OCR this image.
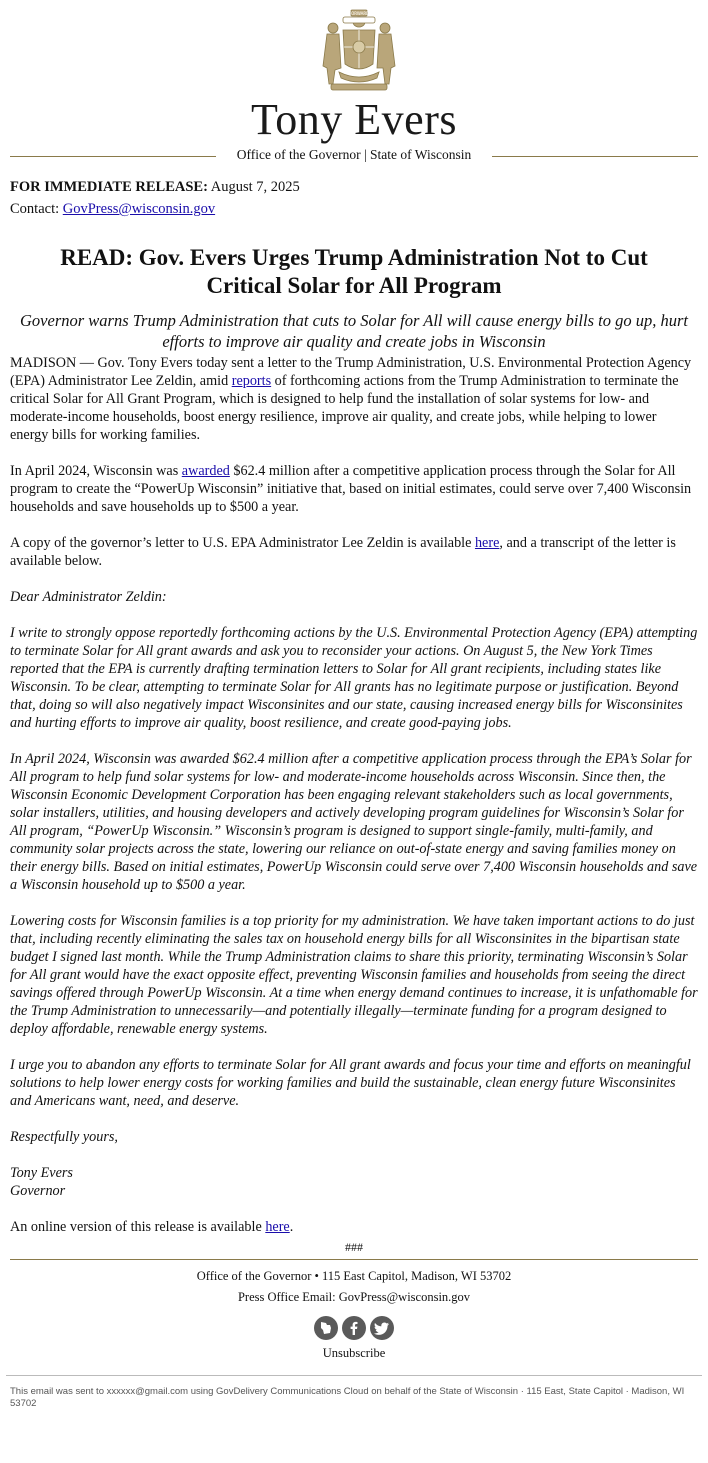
FORWARD
Tony Evers
Office of the Governor | State of Wisconsin
FOR IMMEDIATE RELEASE: August 7, 2025
Contact: GovPress@wisconsin.gov
READ: Gov. Evers Urges Trump Administration Not to Cut Critical Solar for All Program
Governor warns Trump Administration that cuts to Solar for All will cause energy bills to go up, hurt efforts to improve air quality and create jobs in Wisconsin

MADISON — Gov. Tony Evers today sent a letter to the Trump Administration, U.S. Environmental Protection Agency (EPA) Administrator Lee Zeldin, amid reports of forthcoming actions from the Trump Administration to terminate the critical Solar for All Grant Program, which is designed to help fund the installation of solar systems for low- and moderate-income households, boost energy resilience, improve air quality, and create jobs, while helping to lower energy bills for working families.

In April 2024, Wisconsin was awarded $62.4 million after a competitive application process through the Solar for All program to create the “PowerUp Wisconsin” initiative that, based on initial estimates, could serve over 7,400 Wisconsin households and save households up to $500 a year.

A copy of the governor’s letter to U.S. EPA Administrator Lee Zeldin is available here, and a transcript of the letter is available below.

Dear Administrator Zeldin:

I write to strongly oppose reportedly forthcoming actions by the U.S. Environmental Protection Agency (EPA) attempting to terminate Solar for All grant awards and ask you to reconsider your actions. On August 5, the New York Times reported that the EPA is currently drafting termination letters to Solar for All grant recipients, including states like Wisconsin. To be clear, attempting to terminate Solar for All grants has no legitimate purpose or justification. Beyond that, doing so will also negatively impact Wisconsinites and our state, causing increased energy bills for Wisconsinites and hurting efforts to improve air quality, boost resilience, and create good-paying jobs.

In April 2024, Wisconsin was awarded $62.4 million after a competitive application process through the EPA’s Solar for All program to help fund solar systems for low- and moderate-income households across Wisconsin. Since then, the Wisconsin Economic Development Corporation has been engaging relevant stakeholders such as local governments, solar installers, utilities, and housing developers and actively developing program guidelines for Wisconsin’s Solar for All program, “PowerUp Wisconsin.” Wisconsin’s program is designed to support single-family, multi-family, and community solar projects across the state, lowering our reliance on out-of-state energy and saving families money on their energy bills. Based on initial estimates, PowerUp Wisconsin could serve over 7,400 Wisconsin households and save a Wisconsin household up to $500 a year.

Lowering costs for Wisconsin families is a top priority for my administration. We have taken important actions to do just that, including recently eliminating the sales tax on household energy bills for all Wisconsinites in the bipartisan state budget I signed last month. While the Trump Administration claims to share this priority, terminating Wisconsin’s Solar for All grant would have the exact opposite effect, preventing Wisconsin families and households from seeing the direct savings offered through PowerUp Wisconsin. At a time when energy demand continues to increase, it is unfathomable for the Trump Administration to unnecessarily—and potentially illegally—terminate funding for a program designed to deploy affordable, renewable energy systems.

I urge you to abandon any efforts to terminate Solar for All grant awards and focus your time and efforts on meaningful solutions to help lower energy costs for working families and build the sustainable, clean energy future Wisconsinites and Americans want, need, and deserve.

Respectfully yours,

Tony Evers
Governor

An online version of this release is available here.

###
Office of the Governor • 115 East Capitol, Madison, WI 53702
Press Office Email: GovPress@wisconsin.gov
Unsubscribe
This email was sent to xxxxxx@gmail.com using GovDelivery Communications Cloud on behalf of the State of Wisconsin · 115 East, State Capitol · Madison, WI 53702
